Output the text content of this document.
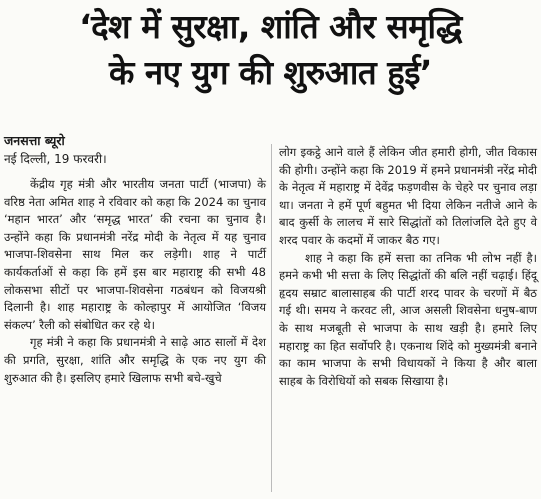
‘देश में सुरक्षा, शांति और समृद्धि
के नए युग की शुरुआत हुई’
जनसत्ता ब्यूरो
नई दिल्ली, 19 फरवरी।

केंद्रीय गृह मंत्री और भारतीय जनता पार्टी (भाजपा) के वरिष्ठ नेता अमित शाह ने रविवार को कहा कि 2024 का चुनाव ‘महान भारत’ और ‘समृद्ध भारत’ की रचना का चुनाव है। उन्होंने कहा कि प्रधानमंत्री नरेंद्र मोदी के नेतृत्व में यह चुनाव भाजपा-शिवसेना साथ मिल कर लड़ेगी। शाह ने पार्टी कार्यकर्ताओं से कहा कि हमें इस बार महाराष्ट्र की सभी 48 लोकसभा सीटों पर भाजपा-शिवसेना गठबंधन को विजयश्री दिलानी है। शाह महाराष्ट्र के कोल्हापुर में आयोजित ‘विजय संकल्प’ रैली को संबोधित कर रहे थे।

गृह मंत्री ने कहा कि प्रधानमंत्री ने साढ़े आठ सालों में देश की प्रगति, सुरक्षा, शांति और समृद्धि के एक नए युग की शुरुआत की है। इसलिए हमारे खिलाफ सभी बचे-खुचे

लोग इकट्ठे आने वाले हैं लेकिन जीत हमारी होगी, जीत विकास की होगी। उन्होंने कहा कि 2019 में हमने प्रधानमंत्री नरेंद्र मोदी के नेतृत्व में महाराष्ट्र में देवेंद्र फड़णवीस के चेहरे पर चुनाव लड़ा था। जनता ने हमें पूर्ण बहुमत भी दिया लेकिन नतीजे आने के बाद कुर्सी के लालच में सारे सिद्धांतों को तिलांजलि देते हुए वे शरद पवार के कदमों में जाकर बैठ गए।

शाह ने कहा कि हमें सत्ता का तनिक भी लोभ नहीं है। हमने कभी भी सत्ता के लिए सिद्धांतों की बलि नहीं चढ़ाई। हिंदू हृदय सम्राट बालासाहब की पार्टी शरद पावर के चरणों में बैठ गई थी। समय ने करवट ली, आज असली शिवसेना धनुष-बाण के साथ मजबूती से भाजपा के साथ खड़ी है। हमारे लिए महाराष्ट्र का हित सर्वोपरि है। एकनाथ शिंदे को मुख्यमंत्री बनाने का काम भाजपा के सभी विधायकों ने किया है और बाला साहब के विरोधियों को सबक सिखाया है।
